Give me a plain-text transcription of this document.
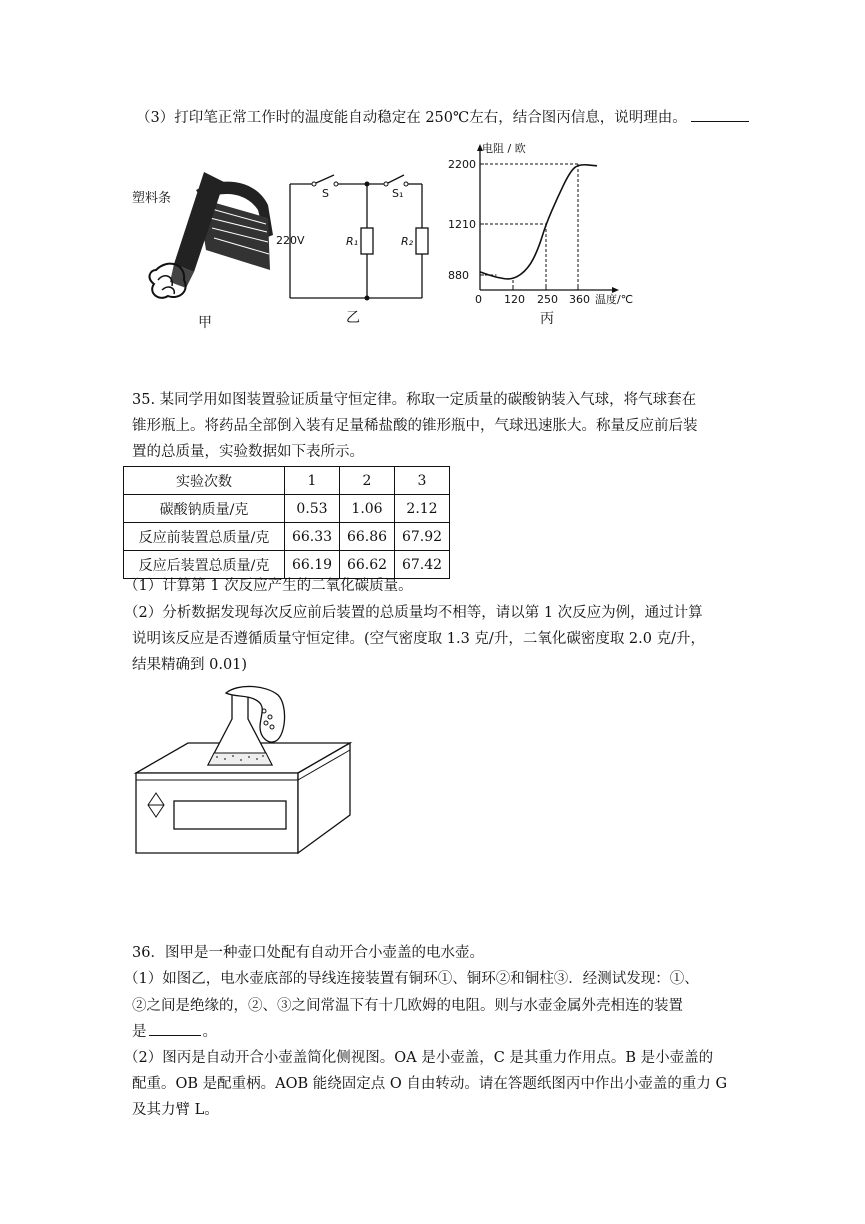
（3）打印笔正常工作时的温度能自动稳定在 250℃左右，结合图丙信息，说明理由。
塑料条
甲
S	S₁
220V	R₁	R₂
乙
电阻 / 欧
温度/℃
0 120 250 360
880
1210
2200
丙
35. 某同学用如图装置验证质量守恒定律。称取一定质量的碳酸钠装入气球，将气球套在
锥形瓶上。将药品全部倒入装有足量稀盐酸的锥形瓶中，气球迅速胀大。称量反应前后装
置的总质量，实验数据如下表所示。
实验次数	1	2	3
碳酸钠质量/克	0.53	1.06	2.12
反应前装置总质量/克	66.33	66.86	67.92
反应后装置总质量/克	66.19	66.62	67.42
（1）计算第 1 次反应产生的二氧化碳质量。
（2）分析数据发现每次反应前后装置的总质量均不相等，请以第 1 次反应为例，通过计算
说明该反应是否遵循质量守恒定律。(空气密度取 1.3 克/升，二氧化碳密度取 2.0 克/升，
结果精确到 0.01)
36．图甲是一种壶口处配有自动开合小壶盖的电水壶。
（1）如图乙，电水壶底部的导线连接装置有铜环①、铜环②和铜柱③．经测试发现：①、
②之间是绝缘的，②、③之间常温下有十几欧姆的电阻。则与水壶金属外壳相连的装置
是	。
（2）图丙是自动开合小壶盖简化侧视图。OA 是小壶盖，C 是其重力作用点。B 是小壶盖的
配重。OB 是配重柄。AOB 能绕固定点 O 自由转动。请在答题纸图丙中作出小壶盖的重力 G
及其力臂 L。
